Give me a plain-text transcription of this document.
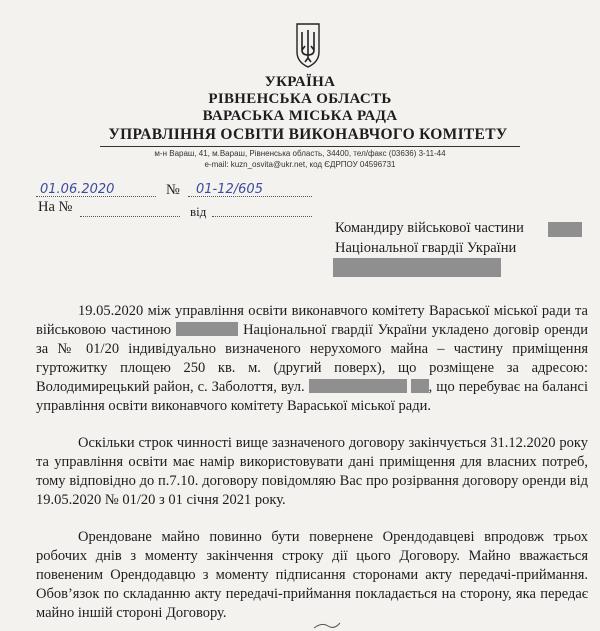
УКРАЇНА
РІВНЕНСЬКА ОБЛАСТЬ
ВАРАСЬКА МІСЬКА РАДА
УПРАВЛІННЯ ОСВІТИ ВИКОНАВЧОГО КОМІТЕТУ
м-н Вараш, 41, м.Вараш, Рівненська область, 34400, тел/факс (03636) 3-11-44
e-mail: kuzn_osvita@ukr.net, код ЄДРПОУ 04596731
01.06.2020	№ 01-12/605
На №	від
Командиру військової частини
Національної гвардії України

19.05.2020 між управління освіти виконавчого комітету Вараської міської ради та військовою частиною	Національної гвардії України укладено договір оренди за № 01/20 індивідуально визначеного нерухомого майна – частину приміщення гуртожитку площею 250 кв. м. (другий поверх), що розміщене за адресою: Володимирецький район, с. Заболоття, вул.	, що перебуває на балансі управління освіти виконавчого комітету Вараської міської ради.

Оскільки строк чинності вище зазначеного договору закінчується 31.12.2020 року та управління освіти має намір використовувати дані приміщення для власних потреб, тому відповідно до п.7.10. договору повідомляю Вас про розірвання договору оренди від 19.05.2020 № 01/20 з 01 січня 2021 року.

Орендоване майно повинно бути повернене Орендодавцеві впродовж трьох робочих днів з моменту закінчення строку дії цього Договору. Майно вважається повененим Орендодавцю з моменту підписання сторонами акту передачі-приймання. Обов’язок по складанню акту передачі-приймання покладається на сторону, яка передає майно іншій стороні Договору.
